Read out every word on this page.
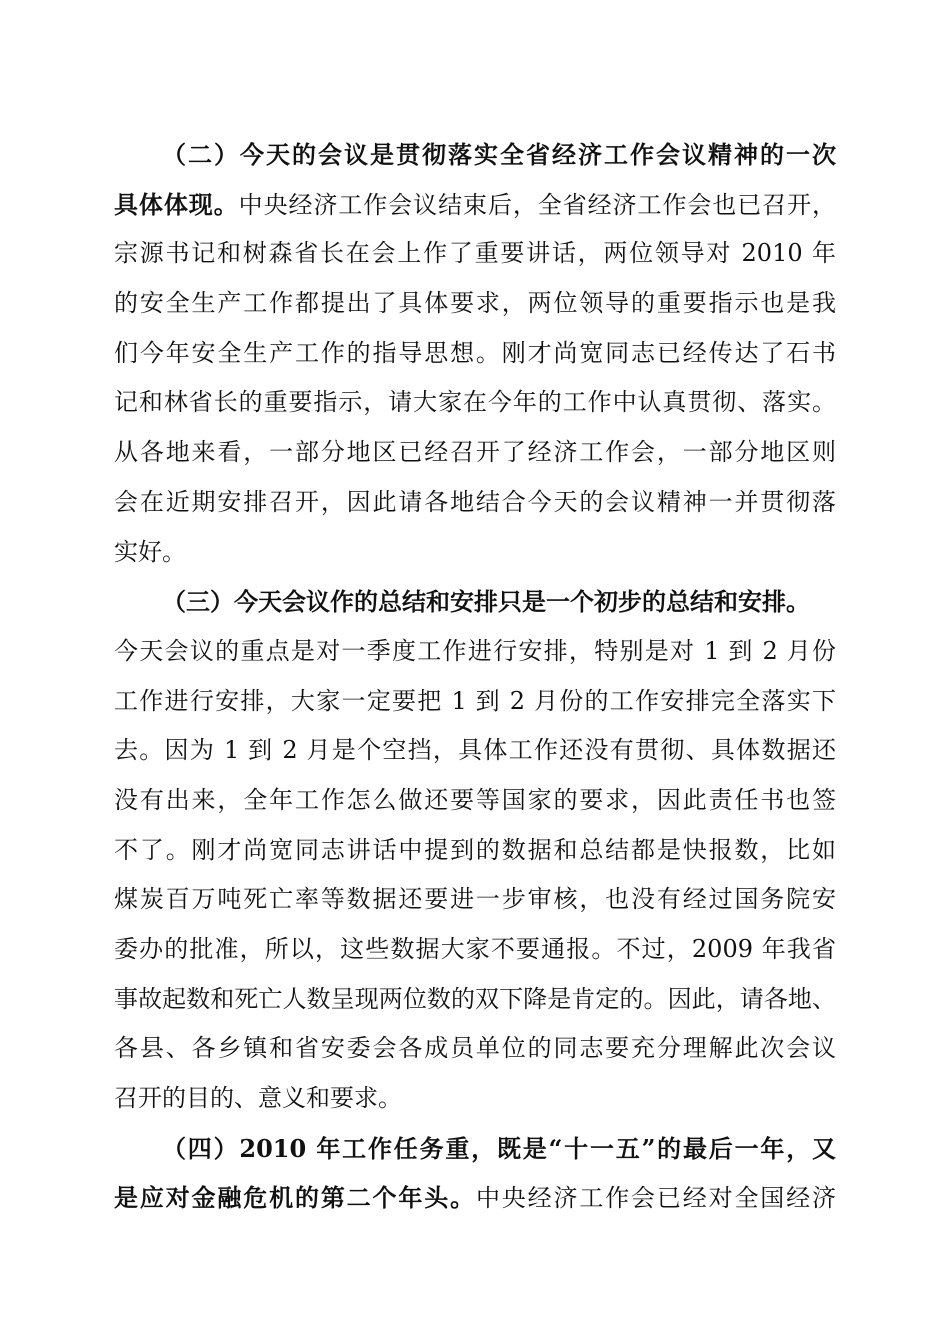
（二）今天的会议是贯彻落实全省经济工作会议精神的一次
具体体现。中央经济工作会议结束后，全省经济工作会也已召开，
宗源书记和树森省长在会上作了重要讲话，两位领导对 2010 年
的安全生产工作都提出了具体要求，两位领导的重要指示也是我
们今年安全生产工作的指导思想。刚才尚宽同志已经传达了石书
记和林省长的重要指示，请大家在今年的工作中认真贯彻、落实。
从各地来看，一部分地区已经召开了经济工作会，一部分地区则
会在近期安排召开，因此请各地结合今天的会议精神一并贯彻落
实好。
（三）今天会议作的总结和安排只是一个初步的总结和安排。
今天会议的重点是对一季度工作进行安排，特别是对 1 到 2 月份
工作进行安排，大家一定要把 1 到 2 月份的工作安排完全落实下
去。因为 1 到 2 月是个空挡，具体工作还没有贯彻、具体数据还
没有出来，全年工作怎么做还要等国家的要求，因此责任书也签
不了。刚才尚宽同志讲话中提到的数据和总结都是快报数，比如
煤炭百万吨死亡率等数据还要进一步审核，也没有经过国务院安
委办的批准，所以，这些数据大家不要通报。不过，2009 年我省
事故起数和死亡人数呈现两位数的双下降是肯定的。因此，请各地、
各县、各乡镇和省安委会各成员单位的同志要充分理解此次会议
召开的目的、意义和要求。
（四）2010 年工作任务重，既是“十一五”的最后一年，又
是应对金融危机的第二个年头。中央经济工作会已经对全国经济
